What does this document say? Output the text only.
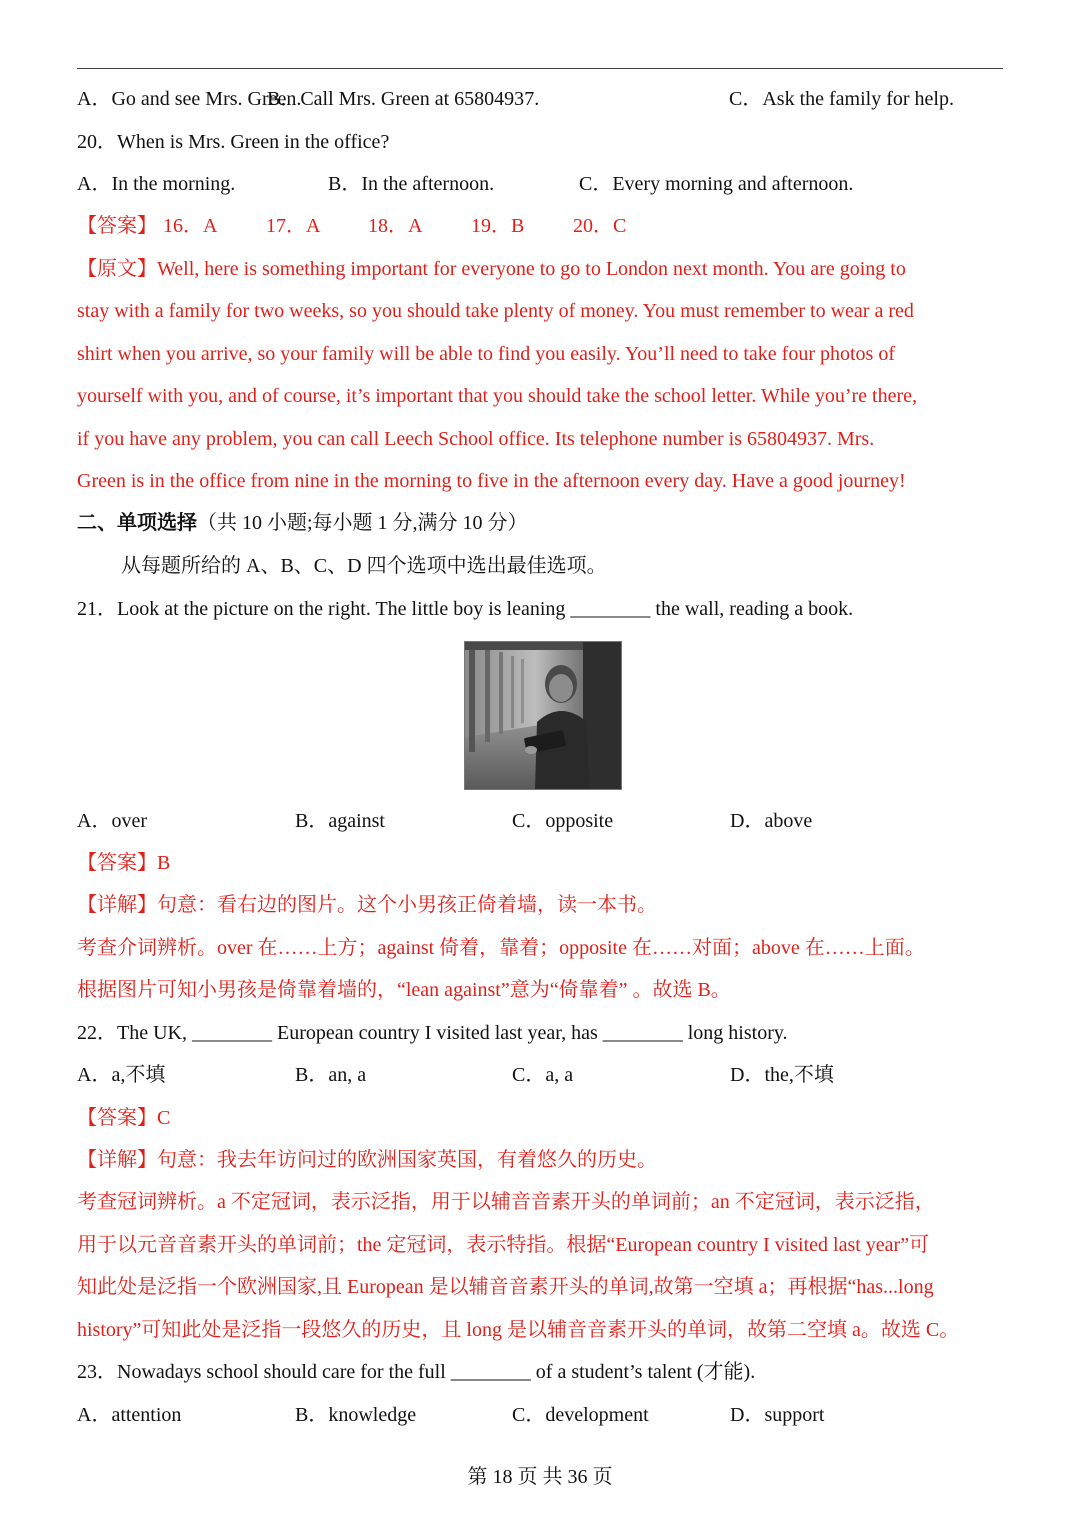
A．Go and see Mrs. Green.
B．Call Mrs. Green at 65804937.	C．Ask the family for help.
20．When is Mrs. Green in the office?
A．In the morning.	B．In the afternoon.	C．Every morning and afternoon.
【答案】 16．A 17．A 18．A 19．B 20．C
【原文】Well, here is something important for everyone to go to London next month. You are going to
stay with a family for two weeks, so you should take plenty of money. You must remember to wear a red
shirt when you arrive, so your family will be able to find you easily. You’ll need to take four photos of
yourself with you, and of course, it’s important that you should take the school letter. While you’re there,
if you have any problem, you can call Leech School office. Its telephone number is 65804937. Mrs.
Green is in the office from nine in the morning to five in the afternoon every day. Have a good journey!
二、单项选择（共 10 小题;每小题 1 分,满分 10 分）
从每题所给的 A、B、C、D 四个选项中选出最佳选项。
21．Look at the picture on the right. The little boy is leaning ________ the wall, reading a book.
A．over	B．against	C．opposite	D．above
【答案】B
【详解】句意：看右边的图片。这个小男孩正倚着墙，读一本书。
考查介词辨析。over 在……上方；against 倚着，靠着；opposite 在……对面；above 在……上面。
根据图片可知小男孩是倚靠着墙的，“lean against”意为“倚靠着” 。故选 B。
22．The UK, ________ European country I visited last year, has ________ long history.
A．a,不填	B．an, a	C．a, a	D．the,不填
【答案】C
【详解】句意：我去年访问过的欧洲国家英国，有着悠久的历史。
考查冠词辨析。a 不定冠词，表示泛指，用于以辅音音素开头的单词前；an 不定冠词，表示泛指，
用于以元音音素开头的单词前；the 定冠词，表示特指。根据“European country I visited last year”可
知此处是泛指一个欧洲国家,且 European 是以辅音音素开头的单词,故第一空填 a；再根据“has...long
history”可知此处是泛指一段悠久的历史，且 long 是以辅音音素开头的单词，故第二空填 a。故选 C。
23．Nowadays school should care for the full ________ of a student’s talent (才能).
A．attention	B．knowledge	C．development	D．support
第 18 页 共 36 页
